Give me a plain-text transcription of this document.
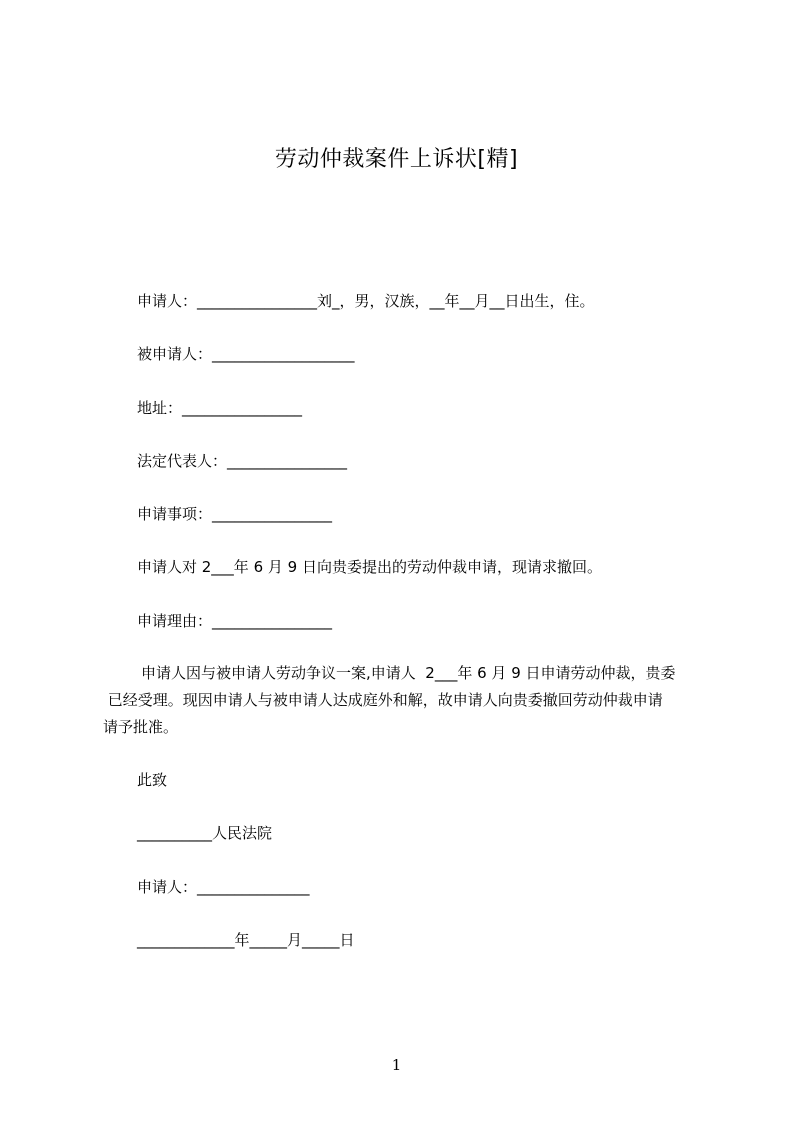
劳动仲裁案件上诉状[精]
申请人：________________刘_，男，汉族，__年__月__日出生，住。
被申请人：___________________
地址：________________
法定代表人：________________
申请事项：________________
申请人对 2___年 6 月 9 日向贵委提出的劳动仲裁申请，现请求撤回。
申请理由：________________
申请人因与被申请人劳动争议一案,申请人  2___年 6 月 9 日申请劳动仲裁，贵委
已经受理。现因申请人与被申请人达成庭外和解，故申请人向贵委撤回劳动仲裁申请
请予批准。
此致
__________人民法院
申请人：_______________
_____________年_____月_____日
1
